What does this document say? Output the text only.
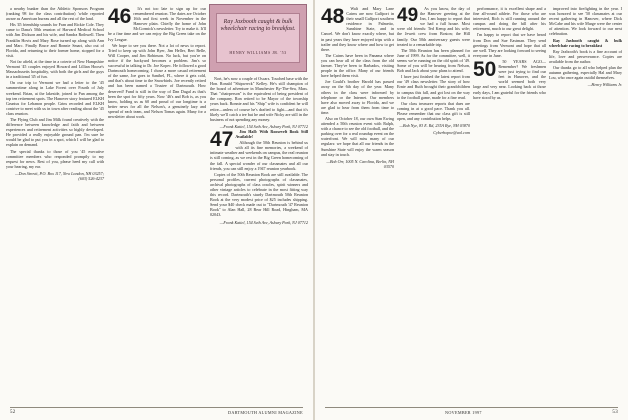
a nearby bunker than the Athletic Sponsors Program (ranking 98 for the class contribution) 'while reported aware as American bureau and all the rest of the land.

His '45 friendship sounds for Fran and Rickie Cole. They came to Dana's 50th reunion of Harvard Medical School with Jim Dickson and his wife, and Sandra Rothwell. Then Franklin Hovis and Mary Rose turned up along with Ann and Marc. Finally Bruce and Bonnie Smart, also out of Florida, and returning to their former home, stopped for a visit.

Not far afield, at the time in a coterie of New Hampshire Vermont '45 couples enjoyed Howard and Lillian Hoose's Massachusetts hospitality, with both the girls and the guys in a traditional '45 of fun.

On our trip to Vermont we had a letter to the '45 summertime along in Lake Forest over Fourth of July weekend. Brian, at the lakeside, joined to Pan among the top ten retirement spots. The Hanover story featured ELKH Gruntus for Lebanon people. Grins recorded and ELKH contrive to meet with us in town after reading about the '45 class reunion.

The Flying Club and Jim Milk found creatively with the difference between knowledge and faith and between experiences and retirement activities so highly developed. He provided a really enjoyable ground pan. I'm sure he would be glad to put you in a spot, which I will be glad to explain on demand.

The special thanks to those of you '45 executive committee members who responded promptly to my request for news. Rest of you, please heed my call with your hearing, my ear.

—Don Strovit, P.O. Box 117, New London, NH 03257; (603) 526-4237
46	It's not too late to sign up for our remembered reunion. The dates are October 16th and first week in November in the Hanover plain. Chiefly the home of John McCormick's newsletter. Try to make it. It'll be a fine time and we can enjoy the Big Green take on the Ivy League.

We hope to see you there. Not a lot of news to report. Tried to keep up with John Byer, Jim Heller, Bert Belle, Will Cooper, and Jim Robinson. No luck, but you're on notice if the backyard becomes a problem. Jim's so successful in talking to Dr. Joe Kopec. He followed a good Dartmouth homecoming. I chose a more casual retirement of the same, Joe goes to Sanibel, FL, where it gets cold, and that's about time to the Snowbirds. Joe recently retired and has been named a Trustee of Dartmouth. How deserved! Fund is still in the way of Dan Dugal as that's been the spot for fifty years. Now '46's and Bob is, as you know, holding us as 60 and proud of our longtime is a better news for all the Nelson's, a genuinely lazy and spread of each team, and Nelson Tomas again. Many for a newsletter about work.

Nort, he's now a couple of Oscars. Touched base with the Hon. Ronald "Shipwreck" Kelley. He's still champion of the board of adventure in Manchester By-The-Sea, Mass. That "chairperson" is the equivalent of being president of the company. Ron retired to be Mayor of the township years back. Ronnie and his "Ship" wife is confident he will retire—unless of course he's drafted to fight—and that it's likely we'll catch a tee but he and wife Nicky are still in the business of not spending any money.

—Frank Kattel, 154 Seth Ave, Asbury Park, NJ 07712
47	Jim Hall: With Roosevelt Book Still Available!

Although the 50th Reunion is behind us with all its fine memories, a weekend of intimate weather and weekends on campus, the real reunion is still coming, as we rest in the Big Green homecoming of the fall. A special wonder of our classmates and all our friends, you can still enjoy a 1947 reunion yearbook.

Copies of the 50th Reunion Book are still available. The personal profiles, current photographs of classmates, archival photographs of class oracles, spirit winners and other vintage articles to celebrate in the most fitting way this record. Dartmouth's sturdy Dartmouth 50th Reunion Book at the very modest price of $25 includes shipping. Send your $40 check made out to "Dartmouth '47 Reunion Book" to Alan Hall, 28 Bear Hill Road, Hingham, MA 02043.

—Frank Kattel, 154 Seth Ave, Asbury Park, NJ 07712
Ray Jaxbooth caught & bulk wheelchair racing to breakfast.
HENRY WILLIAMS JR. '53
52	DARTMOUTH ALUMNI MAGAZINE
48	Walt and Mary Lane Cairns are now Gulfport in their small Gulfport southern residence in Palmetto, Sunshine State, and in Cancel. We don't know exactly where, but in past years they have enjoyed trips with a trailer and they know where and how to get there.

The Cairns have been in Panama where you can hear all of the class from the old farmer. They've been to Barbados, visiting people in the office. Many of our friends have helped them visit.

Joe Gould's brother Harold has passed away on the 6th day of the year. Many others in the class were informed by telephone or the Internet. Our members have also moved away to Florida, and we are glad to hear from them from time to time.

Also on October 18, our own Stan Ewing attended a 50th reunion event with Ralph, with a chance to see the old football, and the parking over for a real roundup event on the waterfront. We will miss many of our regulars: we hope that all our friends in the Sunshine State will enjoy the warm season and stay in touch.

—Bob Orr, 1005 N. Carolina, Berlin, NH 03570
49	As you know, the day of the Hanover greeting at the Inn, I am happy to report that we had a full house. Most were old friends: Ted Kemp and his wife; the Jewett crew from Boston; the Hill family. Our 50th anniversary guests were treated to a remarkable trip.

The 50th Reunion has been planned for June of 1999. As for the committee, well, it seems we're running on the old spirit of '49. Some of you will be hearing from Nelson, Bob and Jack about your plans to attend.

I have just finished the latest report from our '49 class newsletter. The story of how Ernie and Ruth brought their grandchildren to campus this fall, and got lost on the way to the football game, made for a fine read.

Our class treasurer reports that dues are coming in at a good pace. Thank you all. Please remember that our class gift is still open, and any contribution helps.

—Bob Nye, 83 E. Rd, 235A Rye, NH 03870
Cyberhopoe@aol.com

performance, it is excellent shape and a fine all-round athlete. For those who are interested, Rich is still running around the campus and doing the hill after his retirement, much to our great delight.

I'm happy to report that we have heard from Don and Sue Eastman. They send greetings from Vermont and hope that all are well. They are looking forward to seeing everyone in June.

50	50 YEARS AGO—Remember? We freshmen were just trying to find our feet in Hanover, and the world seemed both very large and very near. Looking back at those early days, I am grateful for the friends who have stood by us.

improved into firefighting in the year. I was honored to see '50 classmates at our recent gathering in Hanover, where Dick McCabe and his wife Marge were the center of attention. We look forward to our next celebration.

Ray Jaxbooth caught & bulk wheelchair racing to breakfast

Ray Jaxbooth's book is a fine account of life, love and perseverance. Copies are available from the author.

Our thanks go to all who helped plan the autumn gathering, especially Hal and Mary Lou, who once again outdid themselves.

—Henry Williams Jr.
NOVEMBER 1997	53
